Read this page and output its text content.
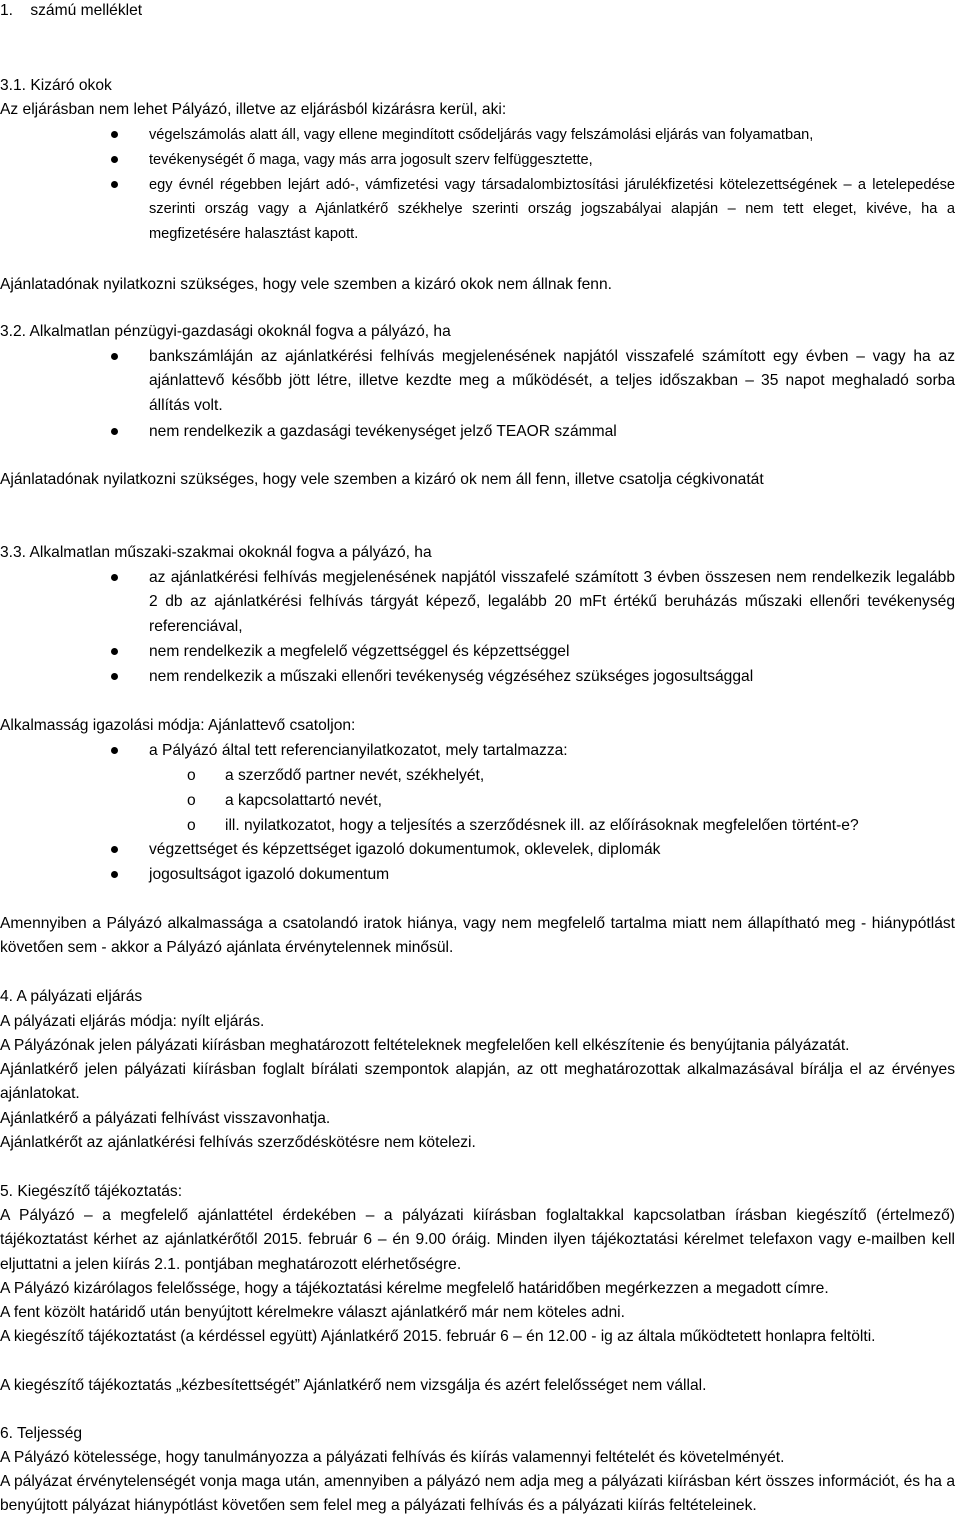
1.    számú melléklet

3.1. Kizáró okok

Az eljárásban nem lehet Pályázó, illetve az eljárásból kizárásra kerül, aki:

végelszámolás alatt áll, vagy ellene megindított csődeljárás vagy felszámolási eljárás van folyamatban,

tevékenységét ő maga, vagy más arra jogosult szerv felfüggesztette,

egy évnél régebben lejárt adó-, vámfizetési vagy társadalombiztosítási járulékfizetési kötelezettségének – a letelepedése szerinti ország vagy a Ajánlatkérő székhelye szerinti ország jogszabályai alapján – nem tett eleget, kivéve, ha a megfizetésére halasztást kapott.

Ajánlatadónak nyilatkozni szükséges, hogy vele szemben a kizáró okok nem állnak fenn.

3.2. Alkalmatlan pénzügyi-gazdasági okoknál fogva a pályázó, ha

bankszámláján az ajánlatkérési felhívás megjelenésének napjától visszafelé számított egy évben – vagy ha az ajánlattevő később jött létre, illetve kezdte meg a működését, a teljes időszakban – 35 napot meghaladó sorba állítás volt.

nem rendelkezik a gazdasági tevékenységet jelző TEAOR számmal

Ajánlatadónak nyilatkozni szükséges, hogy vele szemben a kizáró ok nem áll fenn, illetve csatolja cégkivonatát

3.3. Alkalmatlan műszaki-szakmai okoknál fogva a pályázó, ha

az ajánlatkérési felhívás megjelenésének napjától visszafelé számított 3 évben összesen nem rendelkezik legalább 2 db az ajánlatkérési felhívás tárgyát képező, legalább 20 mFt értékű beruházás műszaki ellenőri tevékenység referenciával,

nem rendelkezik a megfelelő végzettséggel és képzettséggel

nem rendelkezik a műszaki ellenőri tevékenység végzéséhez szükséges jogosultsággal

Alkalmasság igazolási módja: Ajánlattevő csatoljon:

a Pályázó által tett referencianyilatkozatot, mely tartalmazza:

o a szerződő partner nevét, székhelyét,

o a kapcsolattartó nevét,

o ill. nyilatkozatot, hogy a teljesítés a szerződésnek ill. az előírásoknak megfelelően történt-e?

végzettséget és képzettséget igazoló dokumentumok, oklevelek, diplomák

jogosultságot igazoló dokumentum

Amennyiben a Pályázó alkalmassága a csatolandó iratok hiánya, vagy nem megfelelő tartalma miatt nem állapítható meg - hiánypótlást követően sem - akkor a Pályázó ajánlata érvénytelennek minősül.

4. A pályázati eljárás

A pályázati eljárás módja: nyílt eljárás.

A Pályázónak jelen pályázati kiírásban meghatározott feltételeknek megfelelően kell elkészítenie és benyújtania pályázatát.

Ajánlatkérő jelen pályázati kiírásban foglalt bírálati szempontok alapján, az ott meghatározottak alkalmazásával bírálja el az érvényes ajánlatokat.

Ajánlatkérő a pályázati felhívást visszavonhatja.

Ajánlatkérőt az ajánlatkérési felhívás szerződéskötésre nem kötelezi.

5. Kiegészítő tájékoztatás:

A Pályázó – a megfelelő ajánlattétel érdekében – a pályázati kiírásban foglaltakkal kapcsolatban írásban kiegészítő (értelmező) tájékoztatást kérhet az ajánlatkérőtől 2015. február 6 – én 9.00 óráig. Minden ilyen tájékoztatási kérelmet telefaxon vagy e-mailben kell eljuttatni a jelen kiírás 2.1. pontjában meghatározott elérhetőségre.

A Pályázó kizárólagos felelőssége, hogy a tájékoztatási kérelme megfelelő határidőben megérkezzen a megadott címre.

A fent közölt határidő után benyújtott kérelmekre választ ajánlatkérő már nem köteles adni.

A kiegészítő tájékoztatást (a kérdéssel együtt) Ajánlatkérő 2015. február 6 – én 12.00 - ig az általa működtetett honlapra feltölti.

A kiegészítő tájékoztatás „kézbesítettségét” Ajánlatkérő nem vizsgálja és azért felelősséget nem vállal.

6. Teljesség

A Pályázó kötelessége, hogy tanulmányozza a pályázati felhívás és kiírás valamennyi feltételét és követelményét.

A pályázat érvénytelenségét vonja maga után, amennyiben a pályázó nem adja meg a pályázati kiírásban kért összes információt, és ha a benyújtott pályázat hiánypótlást követően sem felel meg a pályázati felhívás és a pályázati kiírás feltételeinek.
